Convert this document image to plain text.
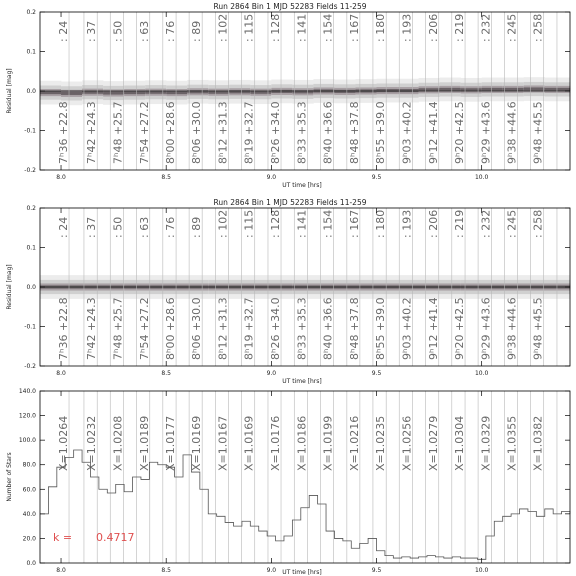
Run 2864 Bin 1 MJD 52283 Fields 11-259
: 24 : 37 : 50 : 63 : 76 : 89 : 102 : 115 : 128 : 141 : 154 : 167 : 180 : 193 : 206 : 219 : 232 : 245 : 258
7ʰ36 +22.8 7ʰ42 +24.3 7ʰ48 +25.7 7ʰ54 +27.2 8ʰ00 +28.6 8ʰ06 +30.0 8ʰ12 +31.3 8ʰ19 +32.7 8ʰ26 +34.0 8ʰ33 +35.3 8ʰ40 +36.6 8ʰ48 +37.8 8ʰ55 +39.0 9ʰ03 +40.2 9ʰ12 +41.4 9ʰ20 +42.5 9ʰ29 +43.6 9ʰ38 +44.6 9ʰ48 +45.5
8.0	8.5	9.0	9.5	10.0
-0.2
-0.1
0.0
0.1
0.2
UT time [hrs]
Residual [mag]
Run 2864 Bin 1 MJD 52283 Fields 11-259
: 24 : 37 : 50 : 63 : 76 : 89 : 102 : 115 : 128 : 141 : 154 : 167 : 180 : 193 : 206 : 219 : 232 : 245 : 258
7ʰ36 +22.8 7ʰ42 +24.3 7ʰ48 +25.7 7ʰ54 +27.2 8ʰ00 +28.6 8ʰ06 +30.0 8ʰ12 +31.3 8ʰ19 +32.7 8ʰ26 +34.0 8ʰ33 +35.3 8ʰ40 +36.6 8ʰ48 +37.8 8ʰ55 +39.0 9ʰ03 +40.2 9ʰ12 +41.4 9ʰ20 +42.5 9ʰ29 +43.6 9ʰ38 +44.6 9ʰ48 +45.5
8.0	8.5	9.0	9.5	10.0
-0.2
-0.1
0.0
0.1
0.2
UT time [hrs]
Residual [mag]
X=1.0264 X=1.0232 X=1.0208 X=1.0189 X=1.0177 X=1.0169 X=1.0167 X=1.0169 X=1.0176 X=1.0186 X=1.0199 X=1.0216 X=1.0235 X=1.0256 X=1.0279 X=1.0304 X=1.0329 X=1.0355 X=1.0382
8.0	8.5	9.0	9.5	10.0
0.0
20.0
40.0
60.0
80.0
100.0
120.0
140.0
k = 0.4717
UT time [hrs]
Number of Stars
